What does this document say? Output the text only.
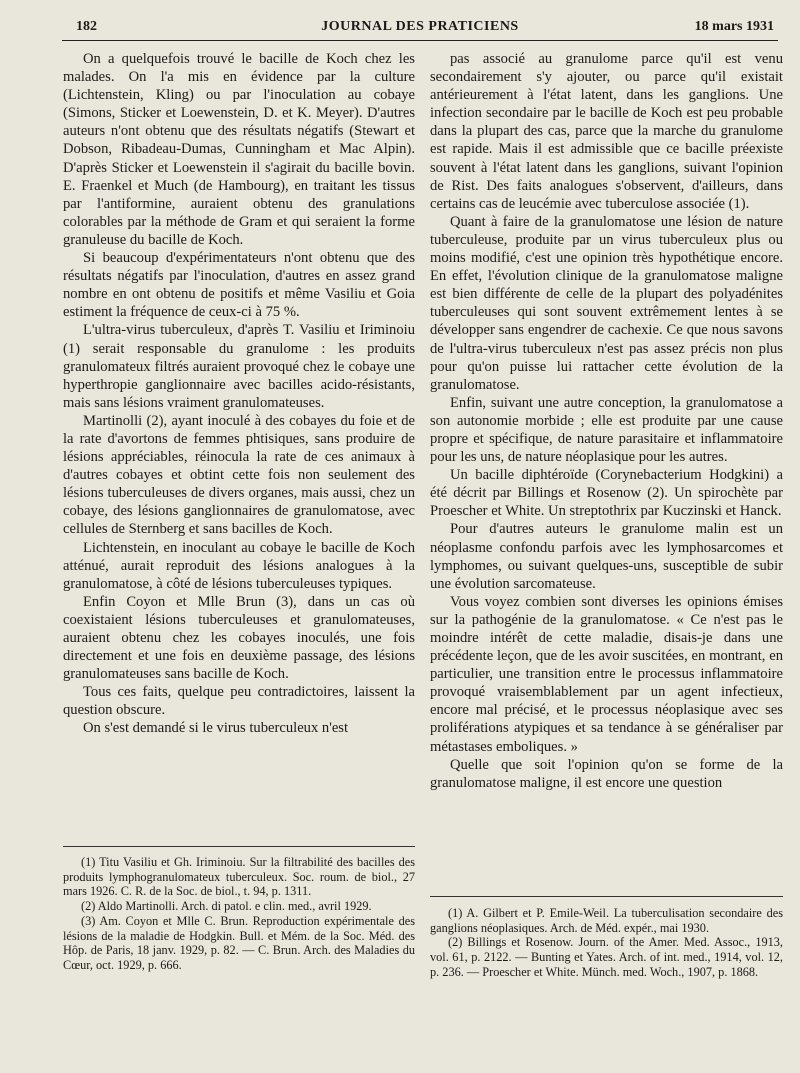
182	JOURNAL DES PRATICIENS	18 mars 1931

On a quelquefois trouvé le bacille de Koch chez les malades. On l'a mis en évidence par la culture (Lichtenstein, Kling) ou par l'inoculation au cobaye (Simons, Sticker et Loewenstein, D. et K. Meyer). D'autres auteurs n'ont obtenu que des résultats négatifs (Stewart et Dobson, Ribadeau-Dumas, Cunningham et Mac Alpin). D'après Sticker et Loewenstein il s'agirait du bacille bovin. E. Fraenkel et Much (de Hambourg), en traitant les tissus par l'antiformine, auraient obtenu des granulations colorables par la méthode de Gram et qui seraient la forme granuleuse du bacille de Koch.

Si beaucoup d'expérimentateurs n'ont obtenu que des résultats négatifs par l'inoculation, d'autres en assez grand nombre en ont obtenu de positifs et même Vasiliu et Goia estiment la fréquence de ceux-ci à 75 %.

L'ultra-virus tuberculeux, d'après T. Vasiliu et Iriminoiu (1) serait responsable du granulome : les produits granulomateux filtrés auraient provoqué chez le cobaye une hyperthropie ganglionnaire avec bacilles acido-résistants, mais sans lésions vraiment granulomateuses.

Martinolli (2), ayant inoculé à des cobayes du foie et de la rate d'avortons de femmes phtisiques, sans produire de lésions appréciables, réinocula la rate de ces animaux à d'autres cobayes et obtint cette fois non seulement des lésions tuberculeuses de divers organes, mais aussi, chez un cobaye, des lésions ganglionnaires de granulomatose, avec cellules de Sternberg et sans bacilles de Koch.

Lichtenstein, en inoculant au cobaye le bacille de Koch atténué, aurait reproduit des lésions analogues à la granulomatose, à côté de lésions tuberculeuses typiques.

Enfin Coyon et Mlle Brun (3), dans un cas où coexistaient lésions tuberculeuses et granulomateuses, auraient obtenu chez les cobayes inoculés, une fois directement et une fois en deuxième passage, des lésions granulomateuses sans bacille de Koch.

Tous ces faits, quelque peu contradictoires, laissent la question obscure.

On s'est demandé si le virus tuberculeux n'est

(1) Titu Vasiliu et Gh. Iriminoiu. Sur la filtrabilité des bacilles des produits lymphogranulomateux tuberculeux. Soc. roum. de biol., 27 mars 1926. C. R. de la Soc. de biol., t. 94, p. 1311.

(2) Aldo Martinolli. Arch. di patol. e clin. med., avril 1929.

(3) Am. Coyon et Mlle C. Brun. Reproduction expérimentale des lésions de la maladie de Hodgkin. Bull. et Mém. de la Soc. Méd. des Hôp. de Paris, 18 janv. 1929, p. 82. — C. Brun. Arch. des Maladies du Cœur, oct. 1929, p. 666.

pas associé au granulome parce qu'il est venu secondairement s'y ajouter, ou parce qu'il existait antérieurement à l'état latent, dans les ganglions. Une infection secondaire par le bacille de Koch est peu probable dans la plupart des cas, parce que la marche du granulome est rapide. Mais il est admissible que ce bacille préexiste souvent à l'état latent dans les ganglions, suivant l'opinion de Rist. Des faits analogues s'observent, d'ailleurs, dans certains cas de leucémie avec tuberculose associée (1).

Quant à faire de la granulomatose une lésion de nature tuberculeuse, produite par un virus tuberculeux plus ou moins modifié, c'est une opinion très hypothétique encore. En effet, l'évolution clinique de la granulomatose maligne est bien différente de celle de la plupart des polyadénites tuberculeuses qui sont souvent extrêmement lentes à se développer sans engendrer de cachexie. Ce que nous savons de l'ultra-virus tuberculeux n'est pas assez précis non plus pour qu'on puisse lui rattacher cette évolution de la granulomatose.

Enfin, suivant une autre conception, la granulomatose a son autonomie morbide ; elle est produite par une cause propre et spécifique, de nature parasitaire et inflammatoire pour les uns, de nature néoplasique pour les autres.

Un bacille diphtéroïde (Corynebacterium Hodgkini) a été décrit par Billings et Rosenow (2). Un spirochète par Proescher et White. Un streptothrix par Kuczinski et Hanck.

Pour d'autres auteurs le granulome malin est un néoplasme confondu parfois avec les lymphosarcomes et lymphomes, ou suivant quelques-uns, susceptible de subir une évolution sarcomateuse.

Vous voyez combien sont diverses les opinions émises sur la pathogénie de la granulomatose. « Ce n'est pas le moindre intérêt de cette maladie, disais-je dans une précédente leçon, que de les avoir suscitées, en montrant, en particulier, une transition entre le processus inflammatoire provoqué vraisemblablement par un agent infectieux, encore mal précisé, et le processus néoplasique avec ses proliférations atypiques et sa tendance à se généraliser par métastases emboliques. »

Quelle que soit l'opinion qu'on se forme de la granulomatose maligne, il est encore une question

(1) A. Gilbert et P. Emile-Weil. La tuberculisation secondaire des ganglions néoplasiques. Arch. de Méd. expér., mai 1930.

(2) Billings et Rosenow. Journ. of the Amer. Med. Assoc., 1913, vol. 61, p. 2122. — Bunting et Yates. Arch. of int. med., 1914, vol. 12, p. 236. — Proescher et White. Münch. med. Woch., 1907, p. 1868.
